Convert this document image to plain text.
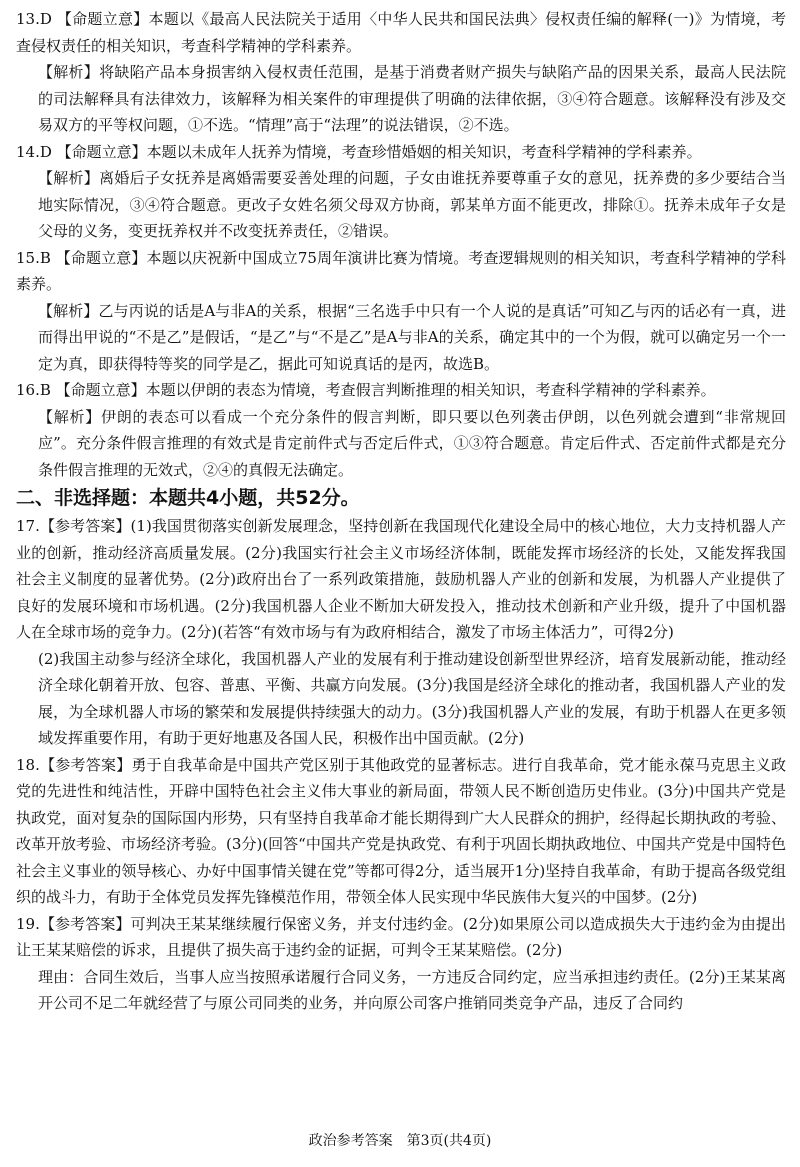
13.D 【命题立意】本题以《最高人民法院关于适用〈中华人民共和国民法典〉侵权责任编的解释(一)》为情境，考查侵权责任的相关知识，考查科学精神的学科素养。

【解析】将缺陷产品本身损害纳入侵权责任范围，是基于消费者财产损失与缺陷产品的因果关系，最高人民法院的司法解释具有法律效力，该解释为相关案件的审理提供了明确的法律依据，③④符合题意。该解释没有涉及交易双方的平等权问题，①不选。“情理”高于“法理”的说法错误，②不选。

14.D 【命题立意】本题以未成年人抚养为情境，考查珍惜婚姻的相关知识，考查科学精神的学科素养。

【解析】离婚后子女抚养是离婚需要妥善处理的问题，子女由谁抚养要尊重子女的意见，抚养费的多少要结合当地实际情况，③④符合题意。更改子女姓名须父母双方协商，郭某单方面不能更改，排除①。抚养未成年子女是父母的义务，变更抚养权并不改变抚养责任，②错误。

15.B 【命题立意】本题以庆祝新中国成立75周年演讲比赛为情境。考查逻辑规则的相关知识，考查科学精神的学科素养。

【解析】乙与丙说的话是A与非A的关系，根据“三名选手中只有一个人说的是真话”可知乙与丙的话必有一真，进而得出甲说的“不是乙”是假话，“是乙”与“不是乙”是A与非A的关系，确定其中的一个为假，就可以确定另一个一定为真，即获得特等奖的同学是乙，据此可知说真话的是丙，故选B。

16.B 【命题立意】本题以伊朗的表态为情境，考查假言判断推理的相关知识，考查科学精神的学科素养。

【解析】伊朗的表态可以看成一个充分条件的假言判断，即只要以色列袭击伊朗，以色列就会遭到“非常规回应”。充分条件假言推理的有效式是肯定前件式与否定后件式，①③符合题意。肯定后件式、否定前件式都是充分条件假言推理的无效式，②④的真假无法确定。

二、非选择题：本题共4小题，共52分。

17.【参考答案】(1)我国贯彻落实创新发展理念，坚持创新在我国现代化建设全局中的核心地位，大力支持机器人产业的创新，推动经济高质量发展。(2分)我国实行社会主义市场经济体制，既能发挥市场经济的长处，又能发挥我国社会主义制度的显著优势。(2分)政府出台了一系列政策措施，鼓励机器人产业的创新和发展，为机器人产业提供了良好的发展环境和市场机遇。(2分)我国机器人企业不断加大研发投入，推动技术创新和产业升级，提升了中国机器人在全球市场的竞争力。(2分)(若答“有效市场与有为政府相结合，激发了市场主体活力”，可得2分)

(2)我国主动参与经济全球化，我国机器人产业的发展有利于推动建设创新型世界经济，培育发展新动能，推动经济全球化朝着开放、包容、普惠、平衡、共赢方向发展。(3分)我国是经济全球化的推动者，我国机器人产业的发展，为全球机器人市场的繁荣和发展提供持续强大的动力。(3分)我国机器人产业的发展，有助于机器人在更多领域发挥重要作用，有助于更好地惠及各国人民，积极作出中国贡献。(2分)

18.【参考答案】勇于自我革命是中国共产党区别于其他政党的显著标志。进行自我革命，党才能永葆马克思主义政党的先进性和纯洁性，开辟中国特色社会主义伟大事业的新局面，带领人民不断创造历史伟业。(3分)中国共产党是执政党，面对复杂的国际国内形势，只有坚持自我革命才能长期得到广大人民群众的拥护，经得起长期执政的考验、改革开放考验、市场经济考验。(3分)(回答“中国共产党是执政党、有利于巩固长期执政地位、中国共产党是中国特色社会主义事业的领导核心、办好中国事情关键在党”等都可得2分，适当展开1分)坚持自我革命，有助于提高各级党组织的战斗力，有助于全体党员发挥先锋模范作用，带领全体人民实现中华民族伟大复兴的中国梦。(2分)

19.【参考答案】可判决王某某继续履行保密义务，并支付违约金。(2分)如果原公司以造成损失大于违约金为由提出让王某某赔偿的诉求，且提供了损失高于违约金的证据，可判令王某某赔偿。(2分)

理由：合同生效后，当事人应当按照承诺履行合同义务，一方违反合同约定，应当承担违约责任。(2分)王某某离开公司不足二年就经营了与原公司同类的业务，并向原公司客户推销同类竞争产品，违反了合同约

政治参考答案　第3页(共4页)
